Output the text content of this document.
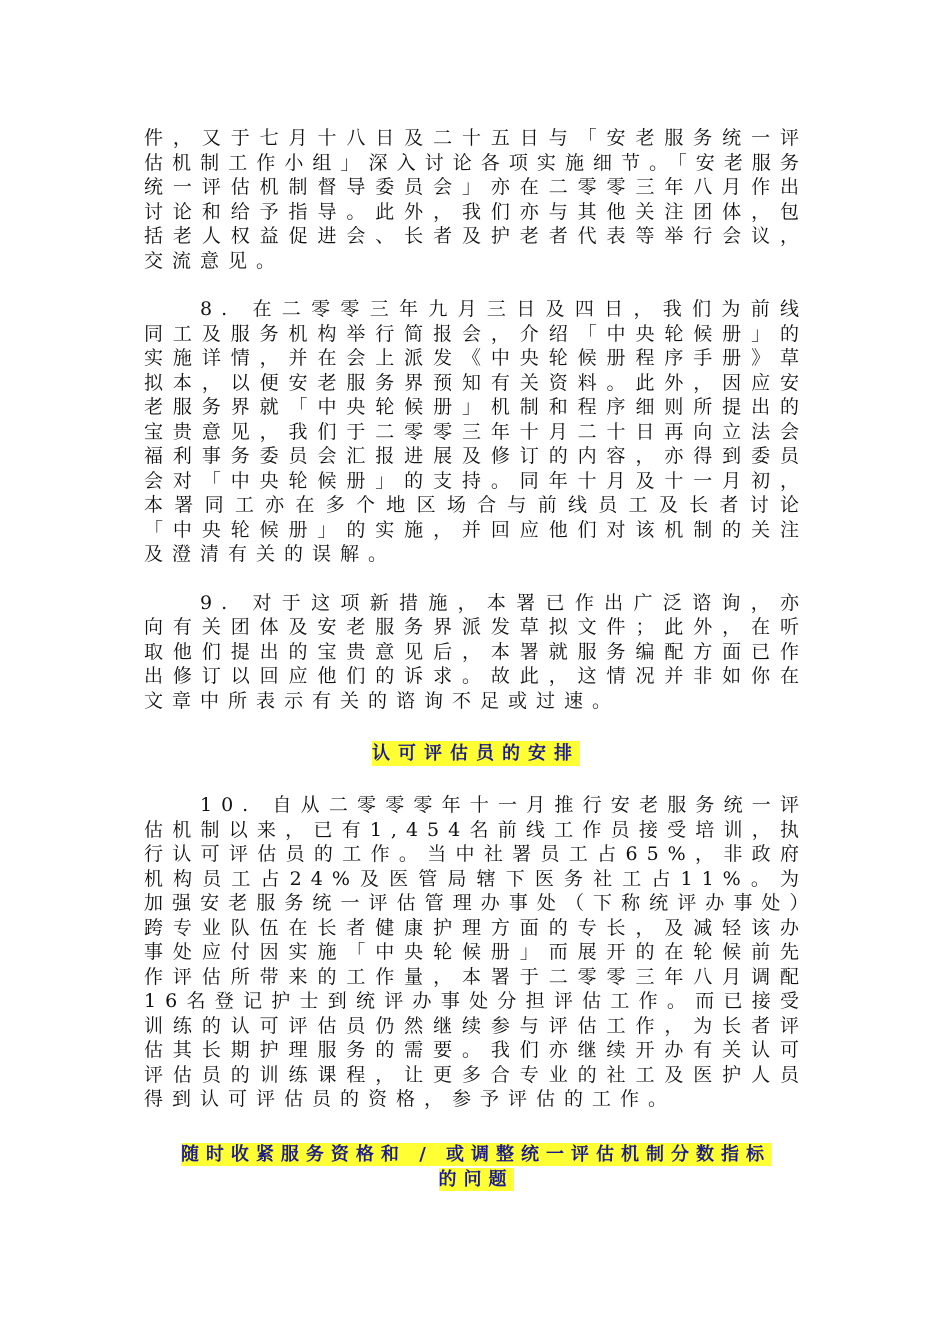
件，又于七月十八日及二十五日与「安老服务统一评估机制工作小组」深入讨论各项实施细节。「安老服务统一评估机制督导委员会」亦在二零零三年八月作出讨论和给予指导。此外，我们亦与其他关注团体，包括老人权益促进会、长者及护老者代表等举行会议，交流意见。

8. 在二零零三年九月三日及四日，我们为前线同工及服务机构举行简报会，介绍「中央轮候册」的实施详情，并在会上派发《中央轮候册程序手册》草拟本，以便安老服务界预知有关资料。此外，因应安老服务界就「中央轮候册」机制和程序细则所提出的宝贵意见，我们于二零零三年十月二十日再向立法会福利事务委员会汇报进展及修订的内容，亦得到委员会对「中央轮候册」的支持。同年十月及十一月初，本署同工亦在多个地区场合与前线员工及长者讨论「中央轮候册」的实施，并回应他们对该机制的关注及澄清有关的误解。

9. 对于这项新措施，本署已作出广泛谘询，亦向有关团体及安老服务界派发草拟文件；此外，在听取他们提出的宝贵意见后，本署就服务编配方面已作出修订以回应他们的诉求。故此，这情况并非如你在文章中所表示有关的谘询不足或过速。

认可评估员的安排

10. 自从二零零零年十一月推行安老服务统一评估机制以来，已有1,454名前线工作员接受培训，执行认可评估员的工作。当中社署员工占65%，非政府机构员工占24%及医管局辖下医务社工占11%。为加强安老服务统一评估管理办事处（下称统评办事处）跨专业队伍在长者健康护理方面的专长，及减轻该办事处应付因实施「中央轮候册」而展开的在轮候前先作评估所带来的工作量，本署于二零零三年八月调配16名登记护士到统评办事处分担评估工作。而已接受训练的认可评估员仍然继续参与评估工作，为长者评估其长期护理服务的需要。我们亦继续开办有关认可评估员的训练课程，让更多合专业的社工及医护人员得到认可评估员的资格，参予评估的工作。

随时收紧服务资格和 / 或调整统一评估机制分数指标
的问题
